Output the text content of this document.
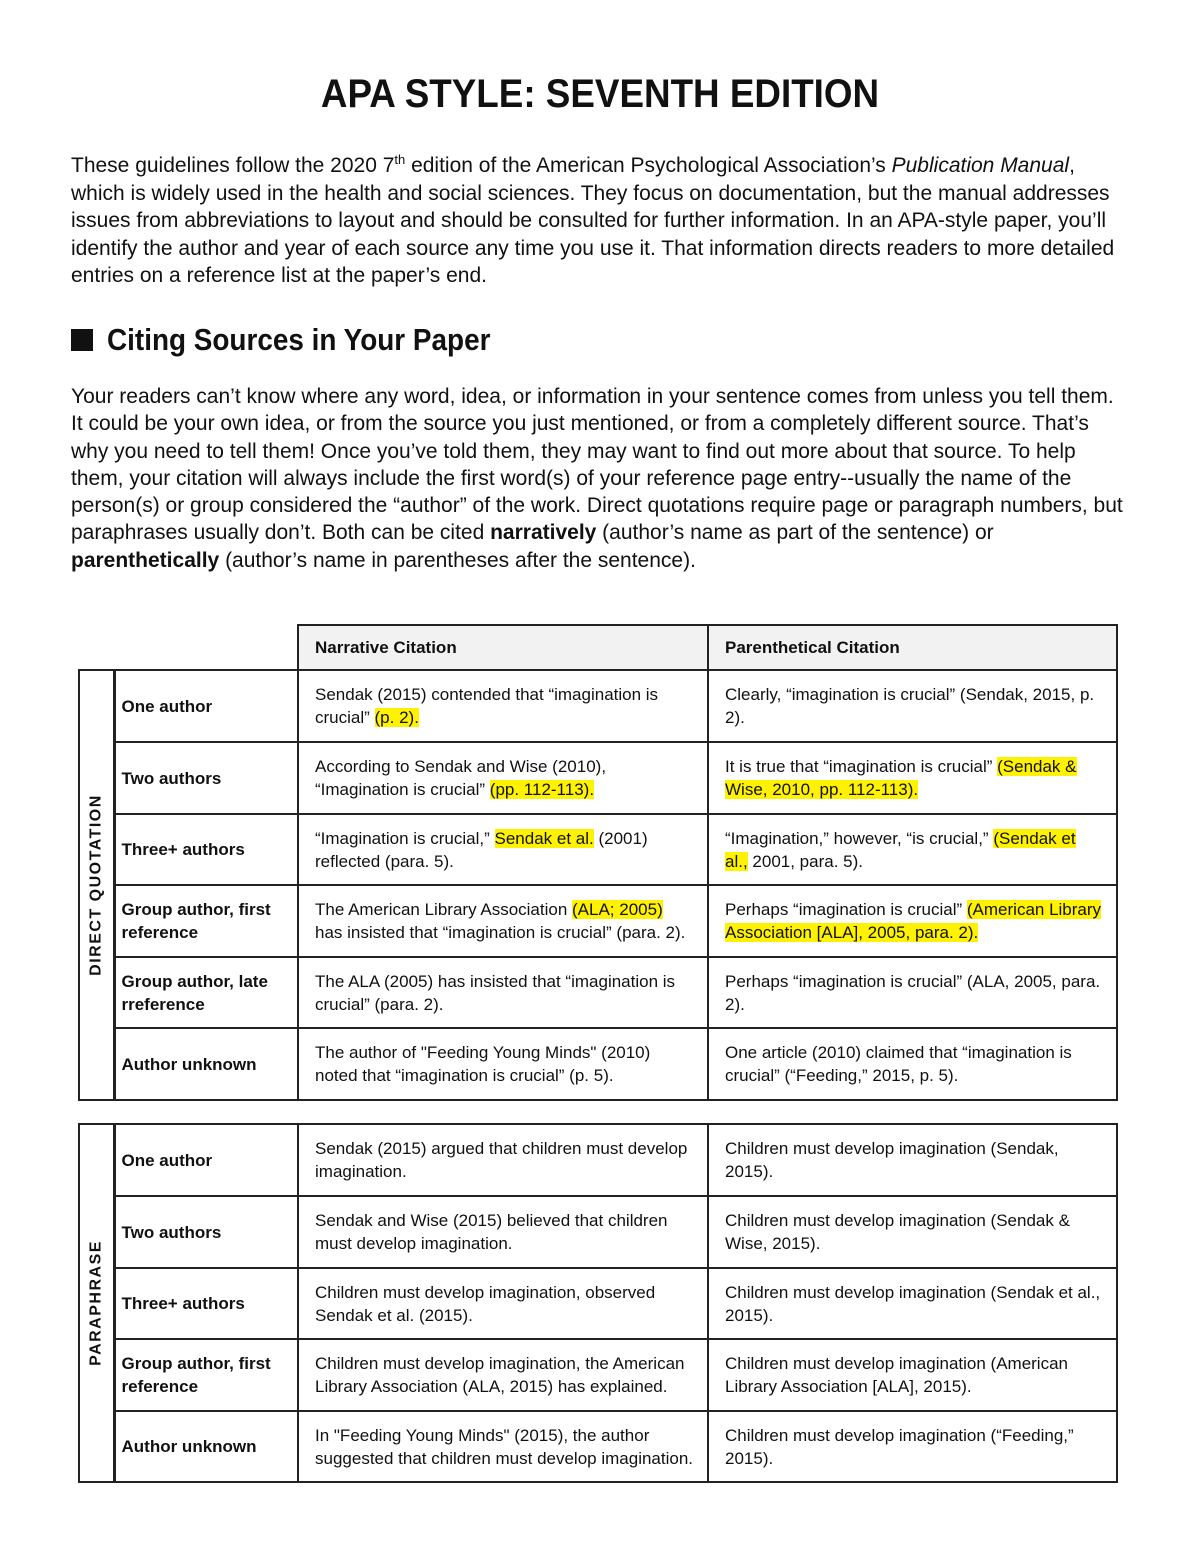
APA STYLE: SEVENTH EDITION
These guidelines follow the 2020 7th edition of the American Psychological Association’s Publication Manual, which is widely used in the health and social sciences. They focus on documentation, but the manual addresses issues from abbreviations to layout and should be consulted for further information. In an APA-style paper, you’ll identify the author and year of each source any time you use it. That information directs readers to more detailed entries on a reference list at the paper’s end.
Citing Sources in Your Paper
Your readers can’t know where any word, idea, or information in your sentence comes from unless you tell them. It could be your own idea, or from the source you just mentioned, or from a completely different source. That’s why you need to tell them! Once you’ve told them, they may want to find out more about that source. To help them, your citation will always include the first word(s) of your reference page entry--usually the name of the person(s) or group considered the “author” of the work. Direct quotations require page or paragraph numbers, but paraphrases usually don’t. Both can be cited narratively (author’s name as part of the sentence) or parenthetically (author’s name in parentheses after the sentence).
		Narrative Citation	Parenthetical Citation

DIRECT QUOTATION	One author	Sendak (2015) contended that “imagination is crucial” (p. 2).	Clearly, “imagination is crucial” (Sendak, 2015, p. 2).
	Two authors	According to Sendak and Wise (2010), “Imagination is crucial” (pp. 112-113).	It is true that “imagination is crucial” (Sendak & Wise, 2010, pp. 112-113).
	Three+ authors	“Imagination is crucial,” Sendak et al. (2001) reflected (para. 5).	“Imagination,” however, “is crucial,” (Sendak et al., 2001, para. 5).
	Group author, first reference	The American Library Association (ALA; 2005) has insisted that “imagination is crucial” (para. 2).	Perhaps “imagination is crucial” (American Library Association [ALA], 2005, para. 2).
	Group author, late rreference	The ALA (2005) has insisted that “imagination is crucial” (para. 2).	Perhaps “imagination is crucial” (ALA, 2005, para. 2).
	Author unknown	The author of "Feeding Young Minds" (2010) noted that “imagination is crucial” (p. 5).	One article (2010) claimed that “imagination is crucial” (“Feeding,” 2015, p. 5).
PARAPHRASE	One author	Sendak (2015) argued that children must develop imagination.	Children must develop imagination (Sendak, 2015).
	Two authors	Sendak and Wise (2015) believed that children must develop imagination.	Children must develop imagination (Sendak & Wise, 2015).
	Three+ authors	Children must develop imagination, observed Sendak et al. (2015).	Children must develop imagination (Sendak et al., 2015).
	Group author, first reference	Children must develop imagination, the American Library Association (ALA, 2015) has explained.	Children must develop imagination (American Library Association [ALA], 2015).
	Author unknown	In "Feeding Young Minds" (2015), the author suggested that children must develop imagination.	Children must develop imagination (“Feeding,” 2015).
